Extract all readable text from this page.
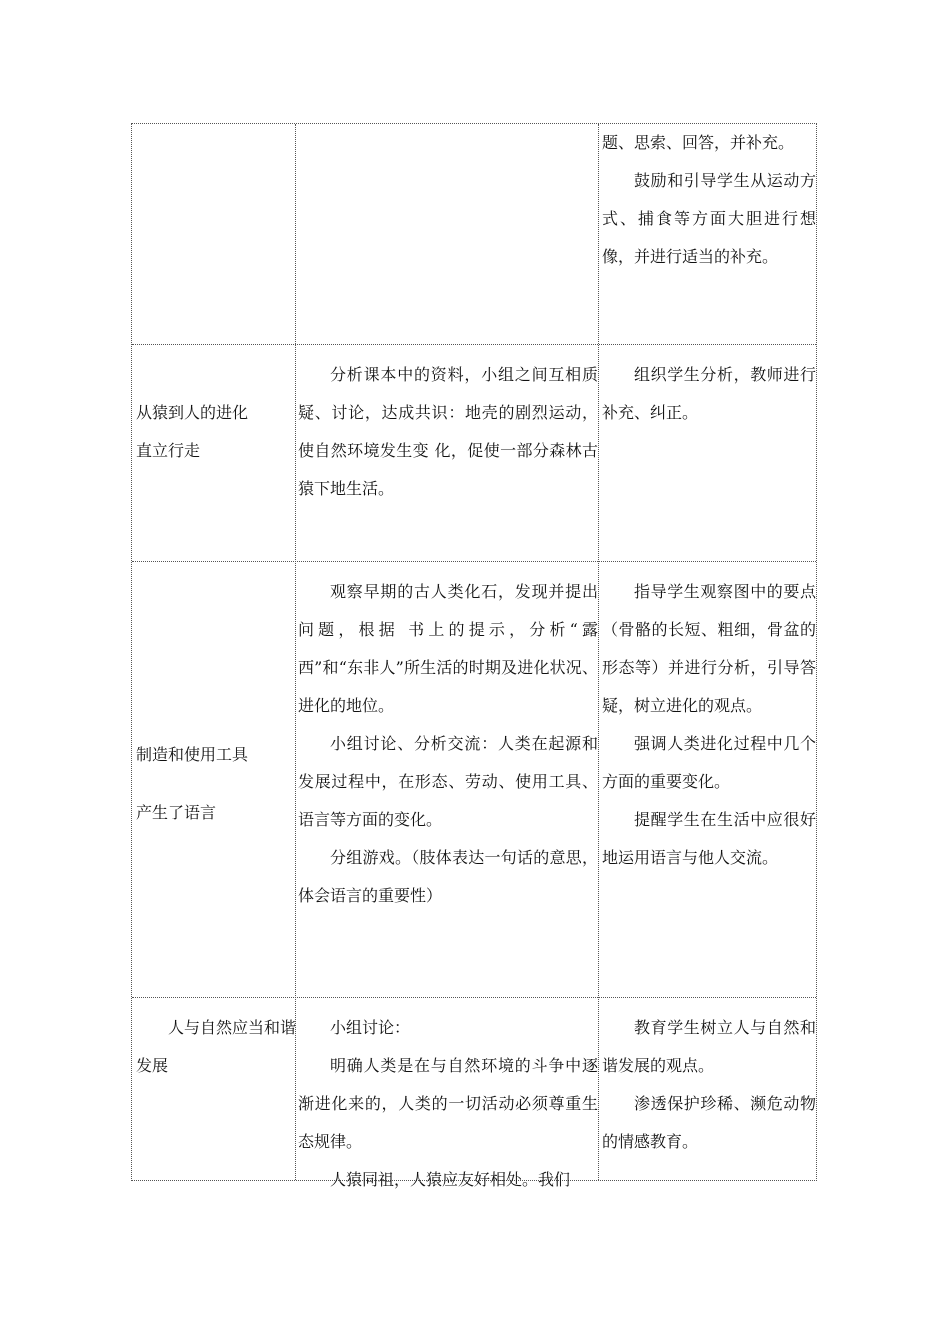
题、思索、回答，并补充。

鼓励和引导学生从运动方式、捕食等方面大胆进行想像，并进行适当的补充。

从猿到人的进化

直立行走

分析课本中的资料，小组之间互相质疑、讨论，达成共识：地壳的剧烈运动，使自然环境发生变 化，促使一部分森林古猿下地生活。

组织学生分析，教师进行补充、纠正。

制造和使用工具

产生了语言

观察早期的古人类化石，发现并提出问题，根据 书上的提示，分析“露西”和“东非人”所生活的时期及进化状况、进化的地位。

小组讨论、分析交流：人类在起源和发展过程中，在形态、劳动、使用工具、语言等方面的变化。

分组游戏。（肢体表达一句话的意思，体会语言的重要性）

指导学生观察图中的要点（骨骼的长短、粗细，骨盆的 形态等）并进行分析，引导答疑，树立进化的观点。

强调人类进化过程中几个方面的重要变化。

提醒学生在生活中应很好地运用语言与他人交流。

人与自然应当和谐发展

小组讨论：

明确人类是在与自然环境的斗争中逐渐进化来的，人类的一切活动必须尊重生态规律。

人猿同祖，人猿应友好相处。我们

教育学生树立人与自然和谐发展的观点。

渗透保护珍稀、濒危动物的情感教育。
